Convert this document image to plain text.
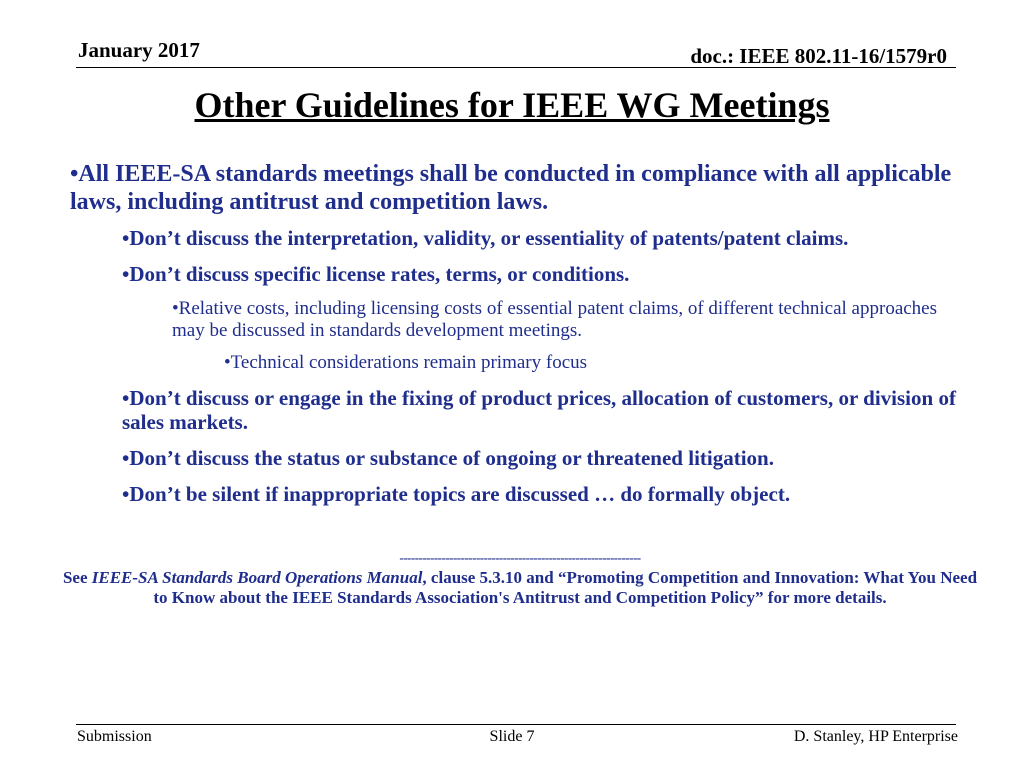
January 2017	doc.: IEEE 802.11-16/1579r0
Other Guidelines for IEEE WG Meetings

•All IEEE-SA standards meetings shall be conducted in compliance with all applicable laws, including antitrust and competition laws.

•Don’t discuss the interpretation, validity, or essentiality of patents/patent claims.

•Don’t discuss specific license rates, terms, or conditions.

•Relative costs, including licensing costs of essential patent claims, of different technical approaches may be discussed in standards development meetings.

•Technical considerations remain primary focus

•Don’t discuss or engage in the fixing of product prices, allocation of customers, or division of sales markets.

•Don’t discuss the status or substance of ongoing or threatened litigation.

•Don’t be silent if inappropriate topics are discussed … do formally object.

---------------------------------------------------------------
See IEEE-SA Standards Board Operations Manual, clause 5.3.10 and “Promoting Competition and Innovation: What You Need to Know about the IEEE Standards Association's Antitrust and Competition Policy” for more details.
Submission	Slide 7	D. Stanley, HP Enterprise
